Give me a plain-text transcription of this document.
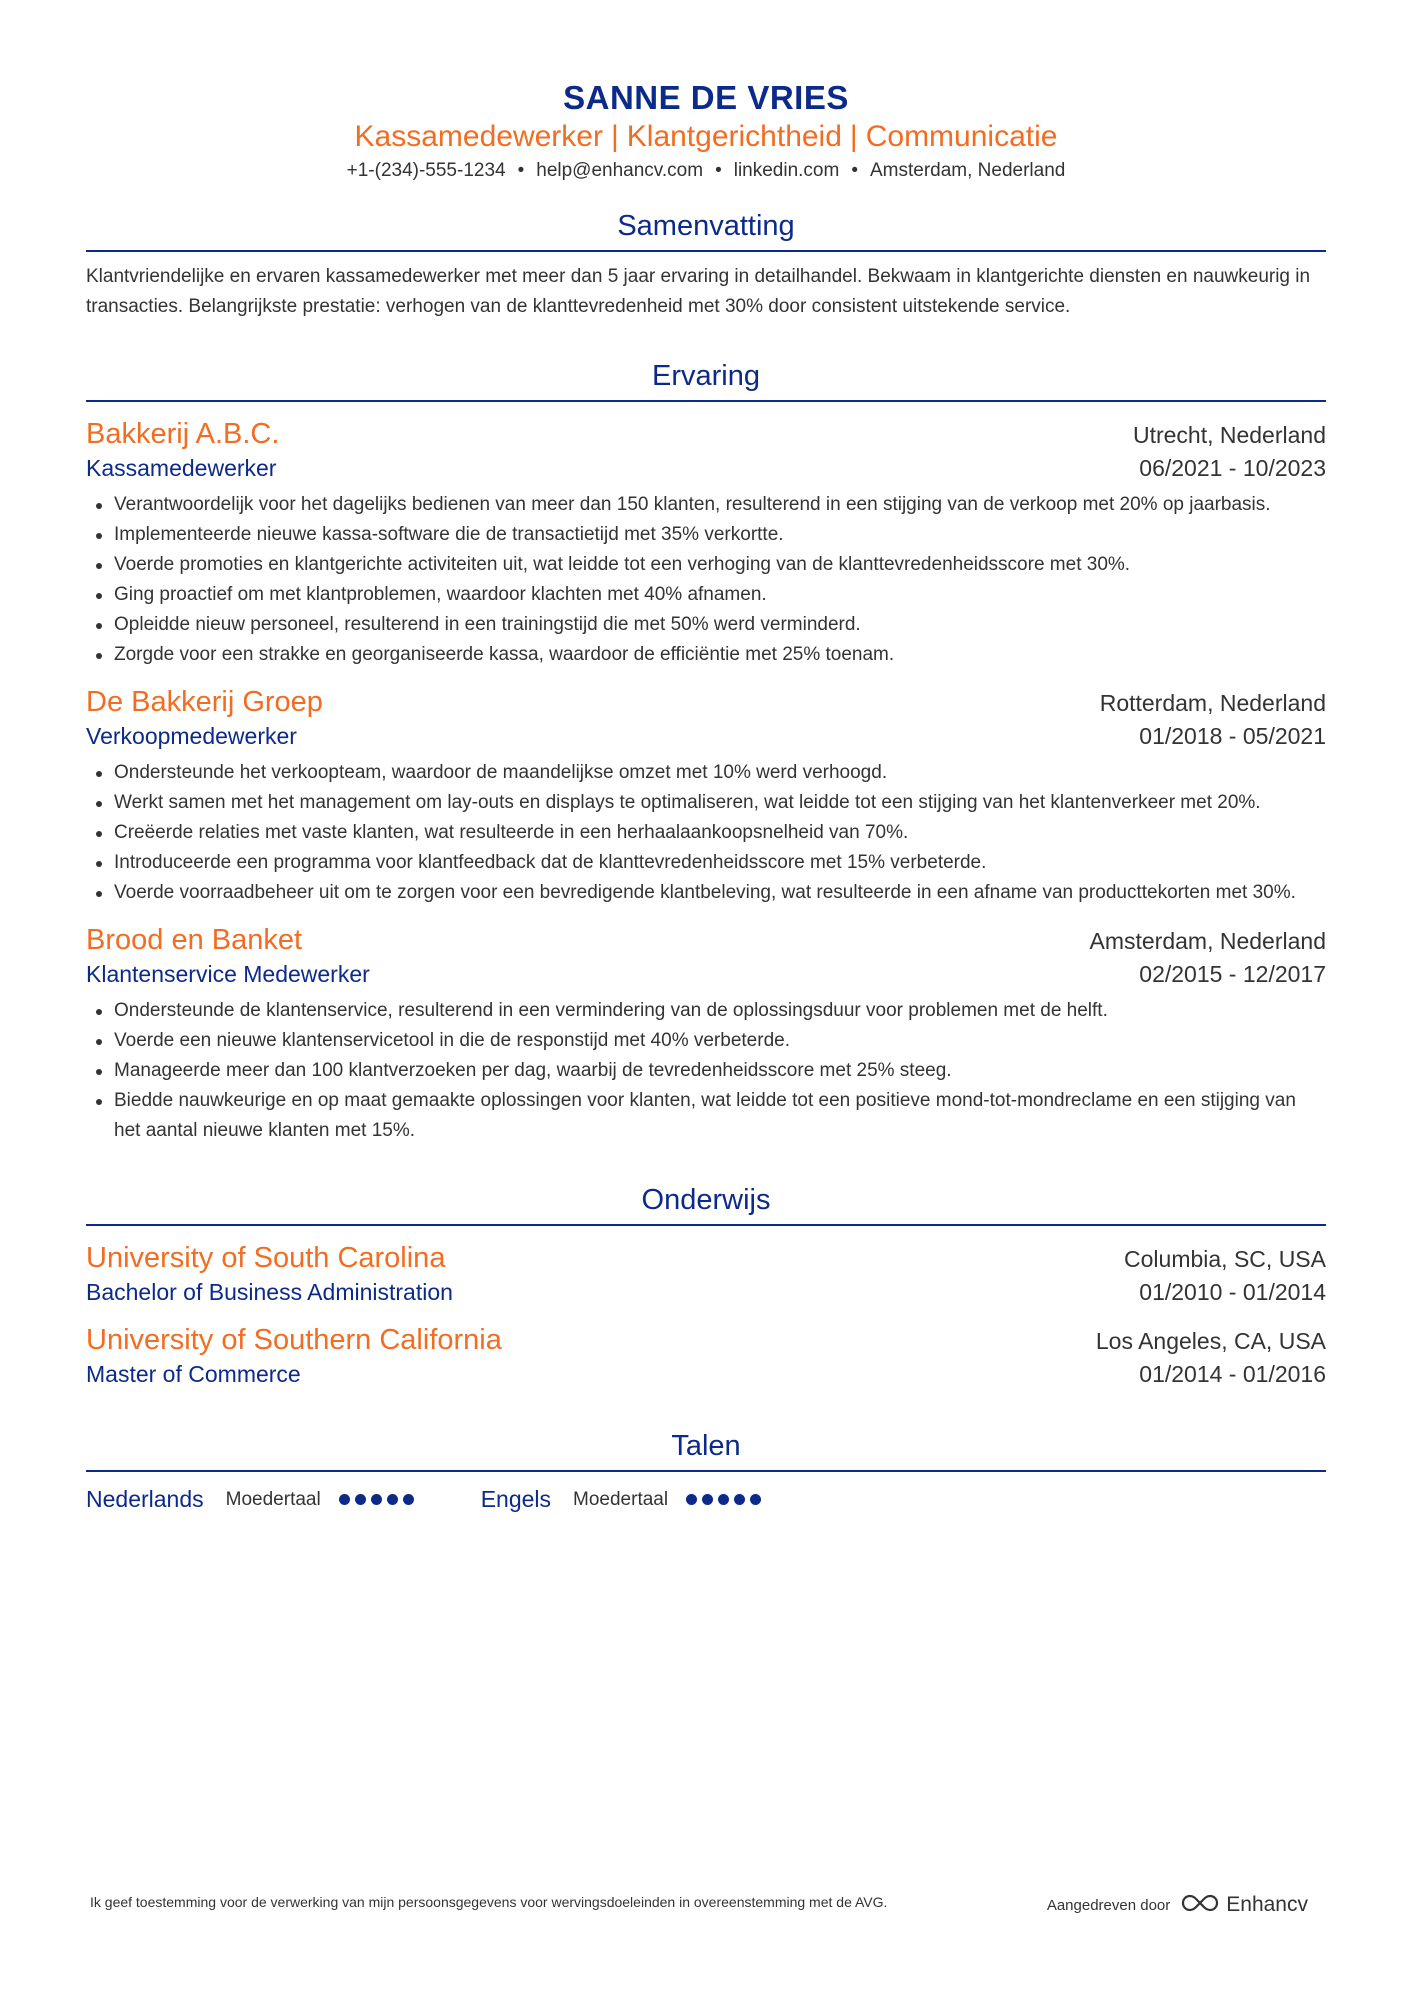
SANNE DE VRIES
Kassamedewerker | Klantgerichtheid | Communicatie
+1-(234)-555-1234 • help@enhancv.com • linkedin.com • Amsterdam, Nederland
Samenvatting
Klantvriendelijke en ervaren kassamedewerker met meer dan 5 jaar ervaring in detailhandel. Bekwaam in klantgerichte diensten en nauwkeurig in transacties. Belangrijkste prestatie: verhogen van de klanttevredenheid met 30% door consistent uitstekende service.
Ervaring
Bakkerij A.B.C.	Utrecht, Nederland
Kassamedewerker	06/2021 - 10/2023
Verantwoordelijk voor het dagelijks bedienen van meer dan 150 klanten, resulterend in een stijging van de verkoop met 20% op jaarbasis.
Implementeerde nieuwe kassa-software die de transactietijd met 35% verkortte.
Voerde promoties en klantgerichte activiteiten uit, wat leidde tot een verhoging van de klanttevredenheidsscore met 30%.
Ging proactief om met klantproblemen, waardoor klachten met 40% afnamen.
Opleidde nieuw personeel, resulterend in een trainingstijd die met 50% werd verminderd.
Zorgde voor een strakke en georganiseerde kassa, waardoor de efficiëntie met 25% toenam.
De Bakkerij Groep	Rotterdam, Nederland
Verkoopmedewerker	01/2018 - 05/2021
Ondersteunde het verkoopteam, waardoor de maandelijkse omzet met 10% werd verhoogd.
Werkt samen met het management om lay-outs en displays te optimaliseren, wat leidde tot een stijging van het klantenverkeer met 20%.
Creëerde relaties met vaste klanten, wat resulteerde in een herhaalaankoopsnelheid van 70%.
Introduceerde een programma voor klantfeedback dat de klanttevredenheidsscore met 15% verbeterde.
Voerde voorraadbeheer uit om te zorgen voor een bevredigende klantbeleving, wat resulteerde in een afname van producttekorten met 30%.
Brood en Banket	Amsterdam, Nederland
Klantenservice Medewerker	02/2015 - 12/2017
Ondersteunde de klantenservice, resulterend in een vermindering van de oplossingsduur voor problemen met de helft.
Voerde een nieuwe klantenservicetool in die de responstijd met 40% verbeterde.
Manageerde meer dan 100 klantverzoeken per dag, waarbij de tevredenheidsscore met 25% steeg.
Biedde nauwkeurige en op maat gemaakte oplossingen voor klanten, wat leidde tot een positieve mond-tot-mondreclame en een stijging van het aantal nieuwe klanten met 15%.
Onderwijs
University of South Carolina	Columbia, SC, USA
Bachelor of Business Administration	01/2010 - 01/2014
University of Southern California	Los Angeles, CA, USA
Master of Commerce	01/2014 - 01/2016
Talen
Nederlands Moedertaal	Engels Moedertaal
Ik geef toestemming voor de verwerking van mijn persoonsgegevens voor wervingsdoeleinden in overeenstemming met de AVG.	Aangedreven door	Enhancv
